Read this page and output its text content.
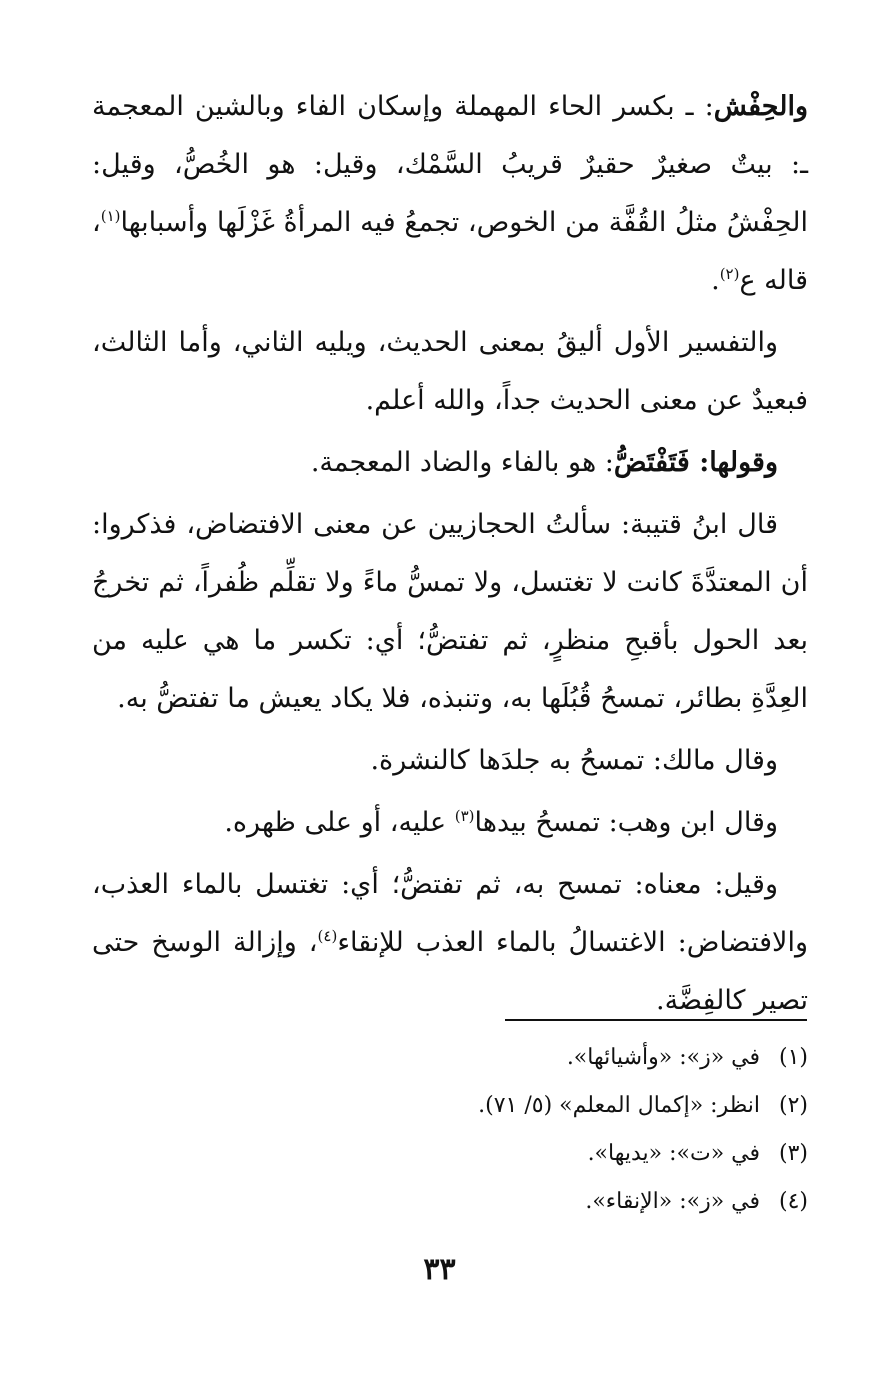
والحِفْش: ـ بكسر الحاء المهملة وإسكان الفاء وبالشين المعجمة ـ: بيتٌ صغيرٌ حقيرٌ قريبُ السَّمْك، وقيل: هو الخُصُّ، وقيل: الحِفْشُ مثلُ القُفَّة من الخوص، تجمعُ فيه المرأةُ غَزْلَها وأسبابها$^{(١)}$، قاله ع$^{(٢)}$.

والتفسير الأول أليقُ بمعنى الحديث، ويليه الثاني، وأما الثالث، فبعيدٌ عن معنى الحديث جداً، والله أعلم.

وقولها: فَتَفْتَضُّ: هو بالفاء والضاد المعجمة.

قال ابنُ قتيبة: سألتُ الحجازيين عن معنى الافتضاض، فذكروا: أن المعتدَّةَ كانت لا تغتسل، ولا تمسُّ ماءً ولا تقلِّم ظُفراً، ثم تخرجُ بعد الحول بأقبحِ منظرٍ، ثم تفتضُّ؛ أي: تكسر ما هي عليه من العِدَّةِ بطائر، تمسحُ قُبُلَها به، وتنبذه، فلا يكاد يعيش ما تفتضُّ به.

وقال مالك: تمسحُ به جلدَها كالنشرة.

وقال ابن وهب: تمسحُ بيدها$^{(٣)}$ عليه، أو على ظهره.

وقيل: معناه: تمسح به، ثم تفتضُّ؛ أي: تغتسل بالماء العذب، والافتضاض: الاغتسالُ بالماء العذب للإنقاء$^{(٤)}$، وإزالة الوسخ حتى تصير كالفِضَّة.

(١)في «ز»: «وأشيائها».
(٢)انظر: «إكمال المعلم» (٥/ ٧١).
(٣)في «ت»: «يديها».
(٤)في «ز»: «الإنقاء».
٣٣
